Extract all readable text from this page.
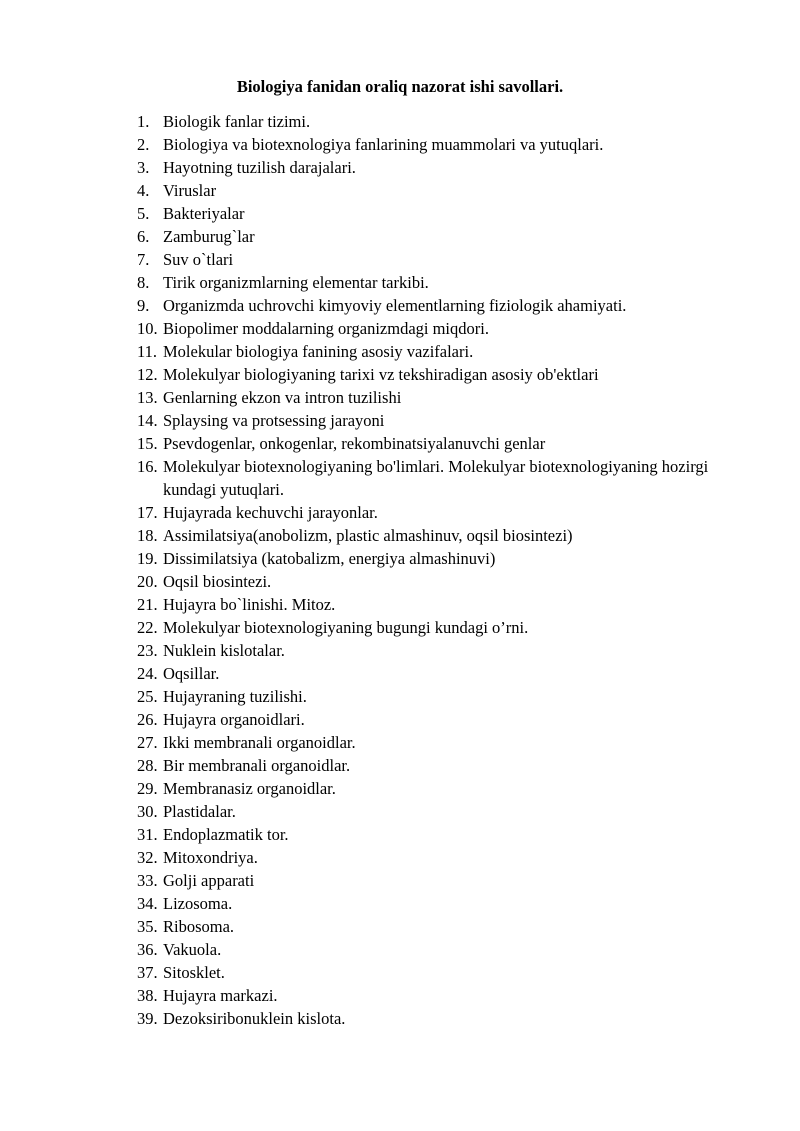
Biologiya fanidan oraliq nazorat ishi savollari.
1. Biologik fanlar tizimi.
2. Biologiya va biotexnologiya fanlarining muammolari va yutuqlari.
3. Hayotning tuzilish darajalari.
4. Viruslar
5. Bakteriyalar
6. Zamburug`lar
7. Suv o`tlari
8. Tirik organizmlarning elementar tarkibi.
9. Organizmda uchrovchi kimyoviy elementlarning fiziologik ahamiyati.
10. Biopolimer moddalarning organizmdagi miqdori.
11. Molekular biologiya fanining asosiy vazifalari.
12. Molekulyar biologiyaning tarixi vz tekshiradigan asosiy ob'ektlari
13. Genlarning ekzon va intron tuzilishi
14. Splaysing va protsessing jarayoni
15. Psevdogenlar, onkogenlar, rekombinatsiyalanuvchi genlar
16. Molekulyar biotexnologiyaning bo'limlari. Molekulyar biotexnologiyaning hozirgi kundagi yutuqlari.
17. Hujayrada kechuvchi jarayonlar.
18. Assimilatsiya(anobolizm, plastic almashinuv, oqsil biosintezi)
19. Dissimilatsiya (katobalizm, energiya almashinuvi)
20. Oqsil biosintezi.
21. Hujayra bo`linishi. Mitoz.
22. Molekulyar biotexnologiyaning bugungi kundagi o’rni.
23. Nuklein kislotalar.
24. Oqsillar.
25. Hujayraning tuzilishi.
26. Hujayra organoidlari.
27. Ikki membranali organoidlar.
28. Bir membranali organoidlar.
29. Membranasiz organoidlar.
30. Plastidalar.
31. Endoplazmatik tor.
32. Mitoxondriya.
33. Golji apparati
34. Lizosoma.
35. Ribosoma.
36. Vakuola.
37. Sitosklet.
38. Hujayra markazi.
39. Dezoksiribonuklein kislota.
